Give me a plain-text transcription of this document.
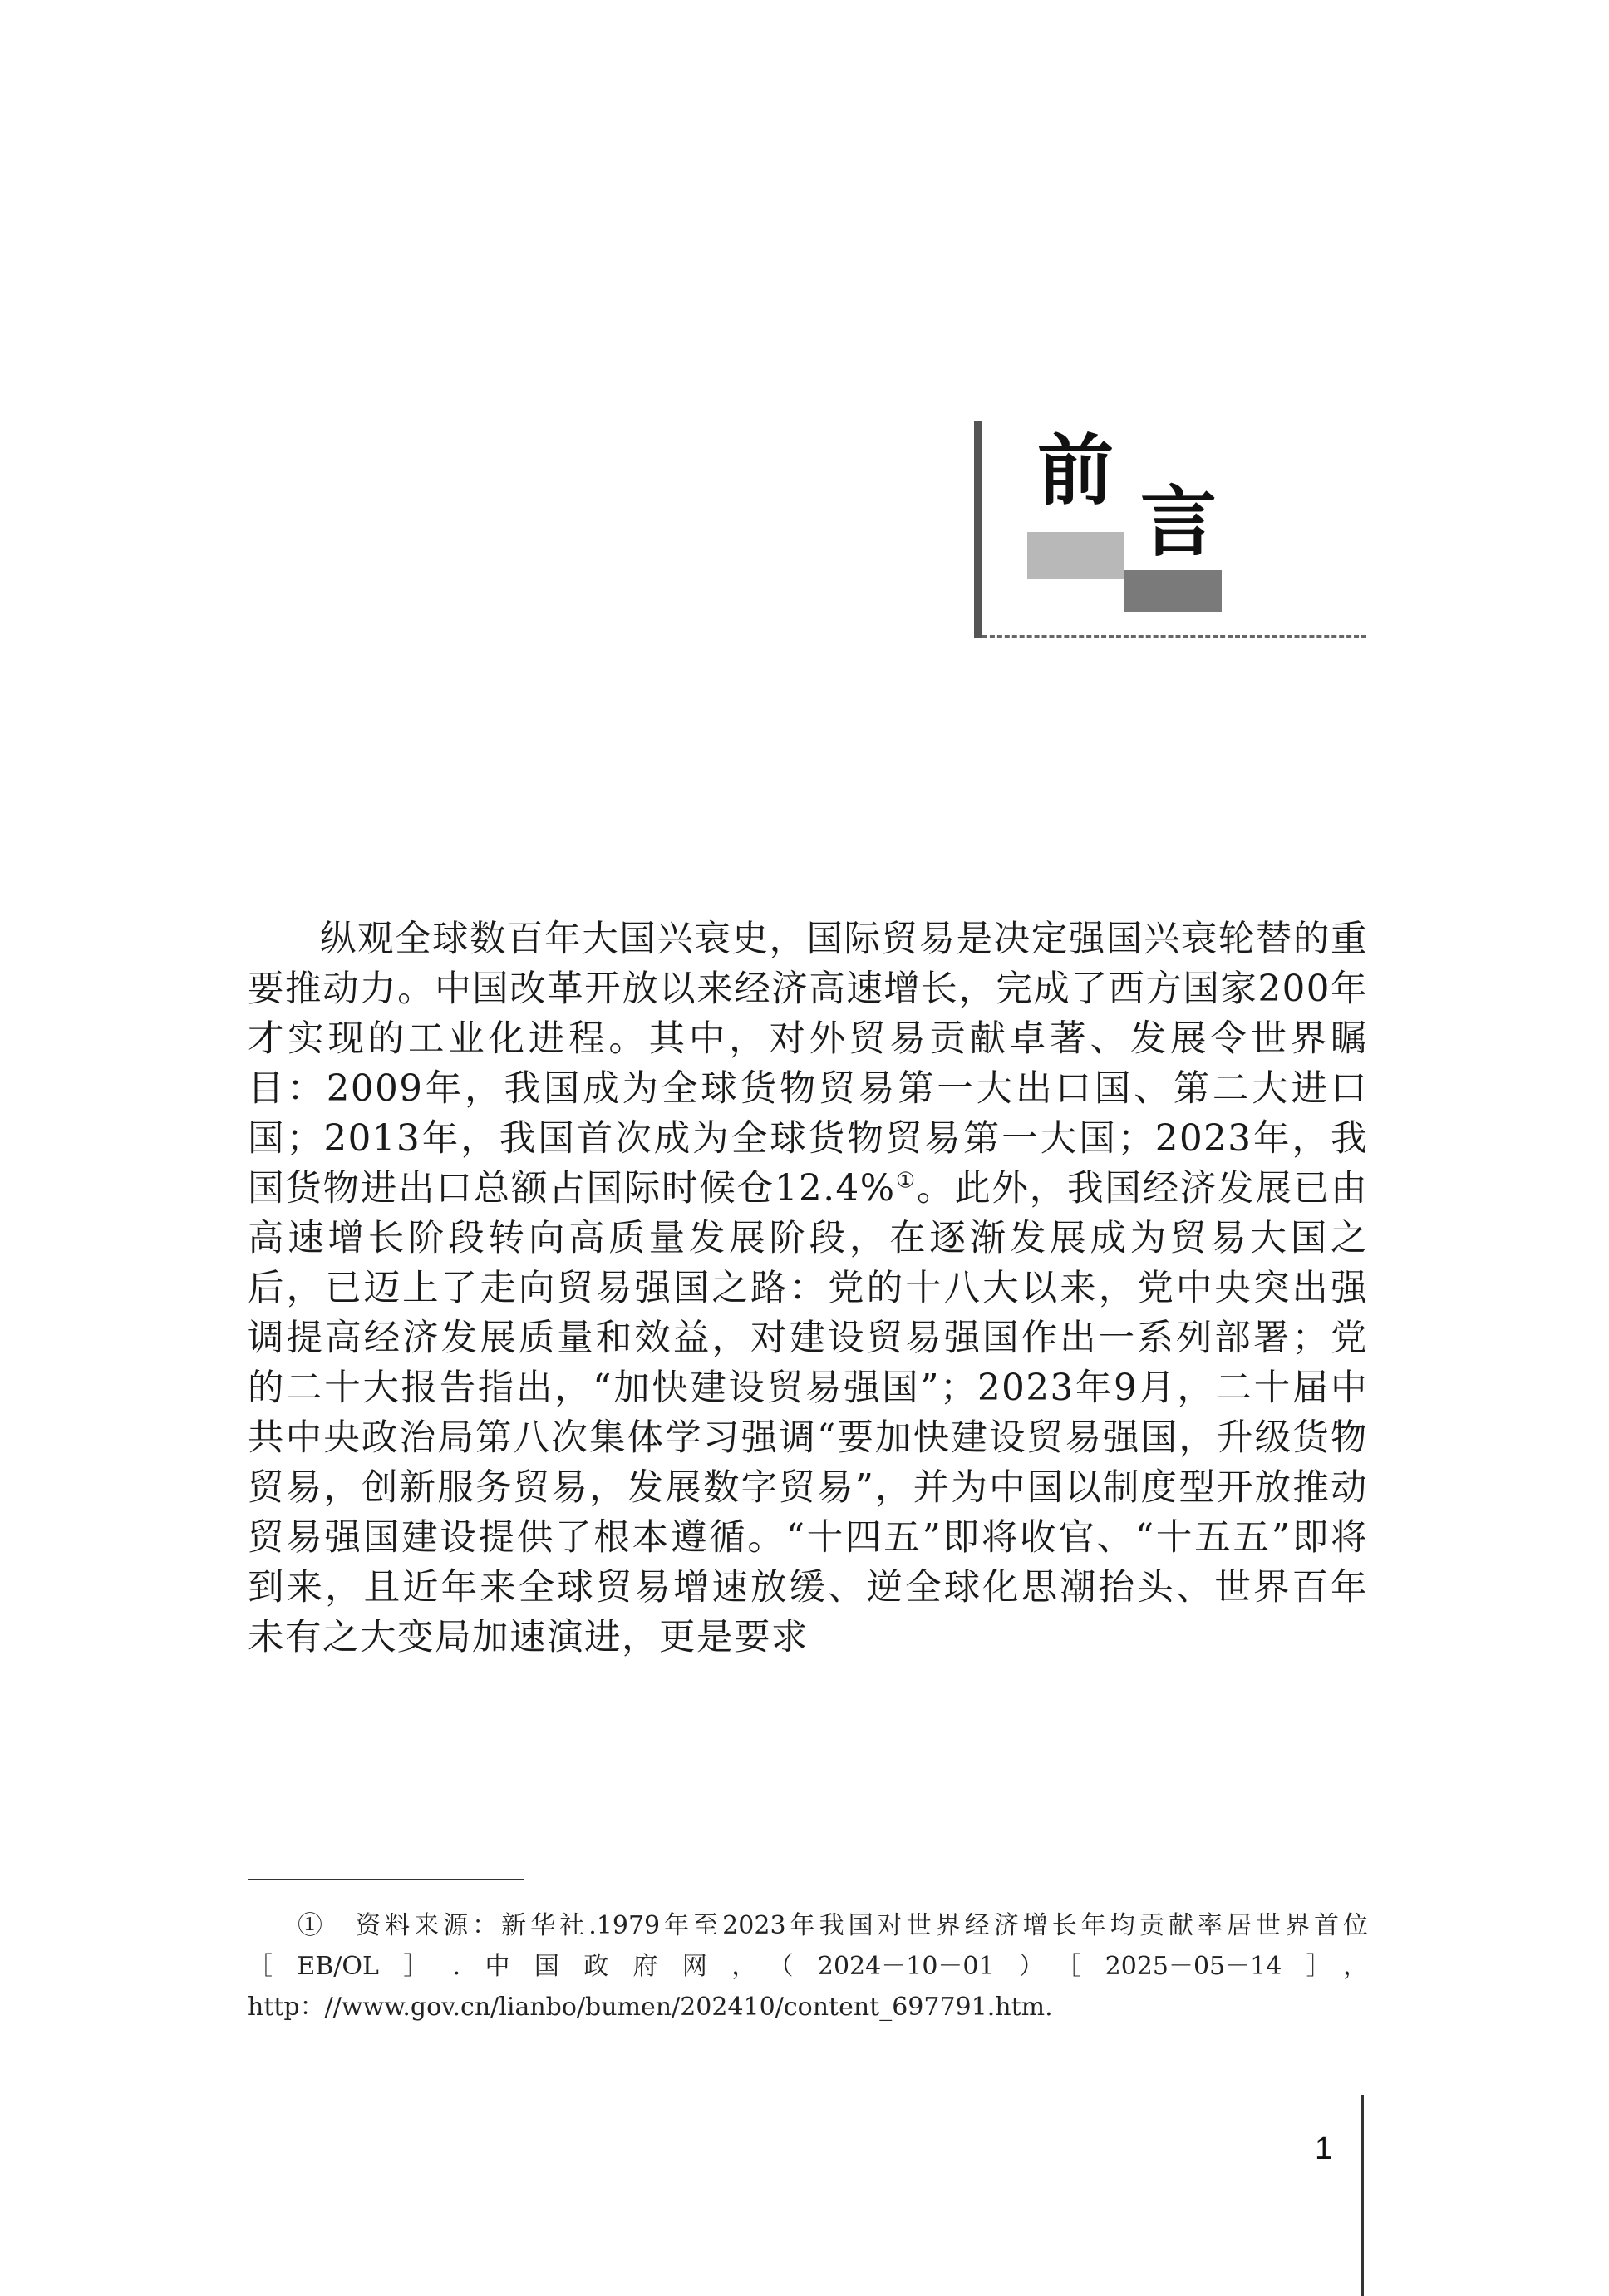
前
言

纵观全球数百年大国兴衰史，国际贸易是决定强国兴衰轮替的重要推动力。中国改革开放以来经济高速增长，完成了西方国家200年才实现的工业化进程。其中，对外贸易贡献卓著、发展令世界瞩目：2009年，我国成为全球货物贸易第一大出口国、第二大进口国；2013年，我国首次成为全球货物贸易第一大国；2023年，我国货物进出口总额占国际时候仓12.4%①。此外，我国经济发展已由高速增长阶段转向高质量发展阶段，在逐渐发展成为贸易大国之后，已迈上了走向贸易强国之路：党的十八大以来，党中央突出强调提高经济发展质量和效益，对建设贸易强国作出一系列部署；党的二十大报告指出，“加快建设贸易强国”；2023年9月，二十届中共中央政治局第八次集体学习强调“要加快建设贸易强国，升级货物贸易，创新服务贸易，发展数字贸易”，并为中国以制度型开放推动贸易强国建设提供了根本遵循。“十四五”即将收官、“十五五”即将到来，且近年来全球贸易增速放缓、逆全球化思潮抬头、世界百年未有之大变局加速演进，更是要求

①　资料来源：新华社.1979年至2023年我国对世界经济增长年均贡献率居世界首位［EB/OL］.中国政府网，（2024－10－01）［2025－05－14］，http：//www.gov.cn/lianbo/bumen/202410/content_697791.htm.
1
